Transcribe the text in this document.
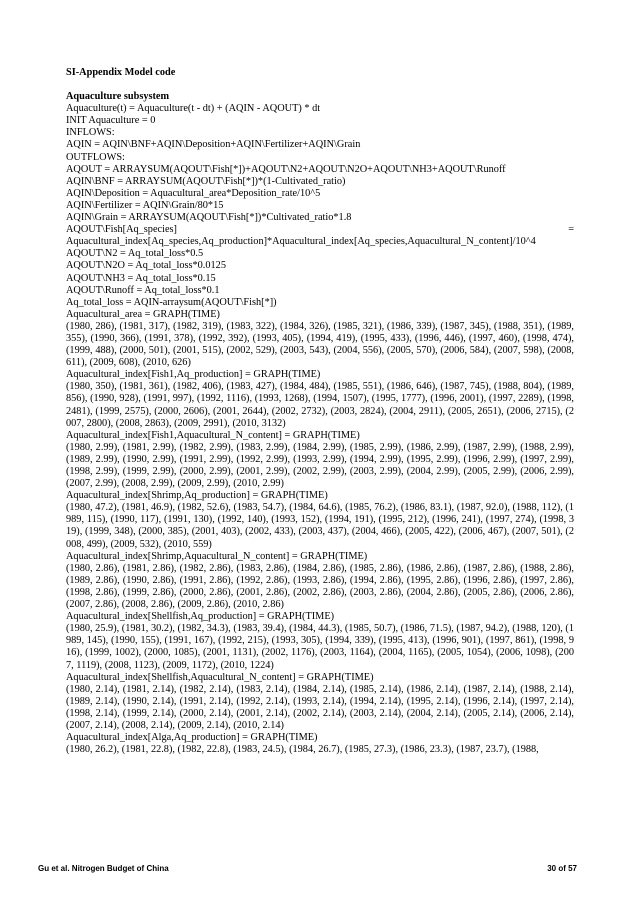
SI-Appendix Model code

Aquaculture subsystem

Aquaculture(t) = Aquaculture(t - dt) + (AQIN - AQOUT) * dt

INIT Aquaculture = 0

INFLOWS:

AQIN = AQIN\BNF+AQIN\Deposition+AQIN\Fertilizer+AQIN\Grain

OUTFLOWS:

AQOUT = ARRAYSUM(AQOUT\Fish[*])+AQOUT\N2+AQOUT\N2O+AQOUT\NH3+AQOUT\Runoff

AQIN\BNF = ARRAYSUM(AQOUT\Fish[*])*(1-Cultivated_ratio)

AQIN\Deposition = Aquacultural_area*Deposition_rate/10^5

AQIN\Fertilizer = AQIN\Grain/80*15

AQIN\Grain = ARRAYSUM(AQOUT\Fish[*])*Cultivated_ratio*1.8

AQOUT\Fish[Aq_species]	=

Aquacultural_index[Aq_species,Aq_production]*Aquacultural_index[Aq_species,Aquacultural_N_content]/10^4

AQOUT\N2 = Aq_total_loss*0.5

AQOUT\N2O = Aq_total_loss*0.0125

AQOUT\NH3 = Aq_total_loss*0.15

AQOUT\Runoff = Aq_total_loss*0.1

Aq_total_loss = AQIN-arraysum(AQOUT\Fish[*])

Aquacultural_area = GRAPH(TIME)

(1980, 286), (1981, 317), (1982, 319), (1983, 322), (1984, 326), (1985, 321), (1986, 339), (1987, 345), (1988, 351), (1989, 355), (1990, 366), (1991, 378), (1992, 392), (1993, 405), (1994, 419), (1995, 433), (1996, 446), (1997, 460), (1998, 474), (1999, 488), (2000, 501), (2001, 515), (2002, 529), (2003, 543), (2004, 556), (2005, 570), (2006, 584), (2007, 598), (2008, 611), (2009, 608), (2010, 626)

Aquacultural_index[Fish1,Aq_production] = GRAPH(TIME)

(1980, 350), (1981, 361), (1982, 406), (1983, 427), (1984, 484), (1985, 551), (1986, 646), (1987, 745), (1988, 804), (1989, 856), (1990, 928), (1991, 997), (1992, 1116), (1993, 1268), (1994, 1507), (1995, 1777), (1996, 2001), (1997, 2289), (1998, 2481), (1999, 2575), (2000, 2606), (2001, 2644), (2002, 2732), (2003, 2824), (2004, 2911), (2005, 2651), (2006, 2715), (2007, 2800), (2008, 2863), (2009, 2991), (2010, 3132)

Aquacultural_index[Fish1,Aquacultural_N_content] = GRAPH(TIME)

(1980, 2.99), (1981, 2.99), (1982, 2.99), (1983, 2.99), (1984, 2.99), (1985, 2.99), (1986, 2.99), (1987, 2.99), (1988, 2.99), (1989, 2.99), (1990, 2.99), (1991, 2.99), (1992, 2.99), (1993, 2.99), (1994, 2.99), (1995, 2.99), (1996, 2.99), (1997, 2.99), (1998, 2.99), (1999, 2.99), (2000, 2.99), (2001, 2.99), (2002, 2.99), (2003, 2.99), (2004, 2.99), (2005, 2.99), (2006, 2.99), (2007, 2.99), (2008, 2.99), (2009, 2.99), (2010, 2.99)

Aquacultural_index[Shrimp,Aq_production] = GRAPH(TIME)

(1980, 47.2), (1981, 46.9), (1982, 52.6), (1983, 54.7), (1984, 64.6), (1985, 76.2), (1986, 83.1), (1987, 92.0), (1988, 112), (1989, 115), (1990, 117), (1991, 130), (1992, 140), (1993, 152), (1994, 191), (1995, 212), (1996, 241), (1997, 274), (1998, 319), (1999, 348), (2000, 385), (2001, 403), (2002, 433), (2003, 437), (2004, 466), (2005, 422), (2006, 467), (2007, 501), (2008, 499), (2009, 532), (2010, 559)

Aquacultural_index[Shrimp,Aquacultural_N_content] = GRAPH(TIME)

(1980, 2.86), (1981, 2.86), (1982, 2.86), (1983, 2.86), (1984, 2.86), (1985, 2.86), (1986, 2.86), (1987, 2.86), (1988, 2.86), (1989, 2.86), (1990, 2.86), (1991, 2.86), (1992, 2.86), (1993, 2.86), (1994, 2.86), (1995, 2.86), (1996, 2.86), (1997, 2.86), (1998, 2.86), (1999, 2.86), (2000, 2.86), (2001, 2.86), (2002, 2.86), (2003, 2.86), (2004, 2.86), (2005, 2.86), (2006, 2.86), (2007, 2.86), (2008, 2.86), (2009, 2.86), (2010, 2.86)

Aquacultural_index[Shellfish,Aq_production] = GRAPH(TIME)

(1980, 25.9), (1981, 30.2), (1982, 34.3), (1983, 39.4), (1984, 44.3), (1985, 50.7), (1986, 71.5), (1987, 94.2), (1988, 120), (1989, 145), (1990, 155), (1991, 167), (1992, 215), (1993, 305), (1994, 339), (1995, 413), (1996, 901), (1997, 861), (1998, 916), (1999, 1002), (2000, 1085), (2001, 1131), (2002, 1176), (2003, 1164), (2004, 1165), (2005, 1054), (2006, 1098), (2007, 1119), (2008, 1123), (2009, 1172), (2010, 1224)

Aquacultural_index[Shellfish,Aquacultural_N_content] = GRAPH(TIME)

(1980, 2.14), (1981, 2.14), (1982, 2.14), (1983, 2.14), (1984, 2.14), (1985, 2.14), (1986, 2.14), (1987, 2.14), (1988, 2.14), (1989, 2.14), (1990, 2.14), (1991, 2.14), (1992, 2.14), (1993, 2.14), (1994, 2.14), (1995, 2.14), (1996, 2.14), (1997, 2.14), (1998, 2.14), (1999, 2.14), (2000, 2.14), (2001, 2.14), (2002, 2.14), (2003, 2.14), (2004, 2.14), (2005, 2.14), (2006, 2.14), (2007, 2.14), (2008, 2.14), (2009, 2.14), (2010, 2.14)

Aquacultural_index[Alga,Aq_production] = GRAPH(TIME)

(1980, 26.2), (1981, 22.8), (1982, 22.8), (1983, 24.5), (1984, 26.7), (1985, 27.3), (1986, 23.3), (1987, 23.7), (1988,

Gu et al. Nitrogen Budget of China	30 of 57
